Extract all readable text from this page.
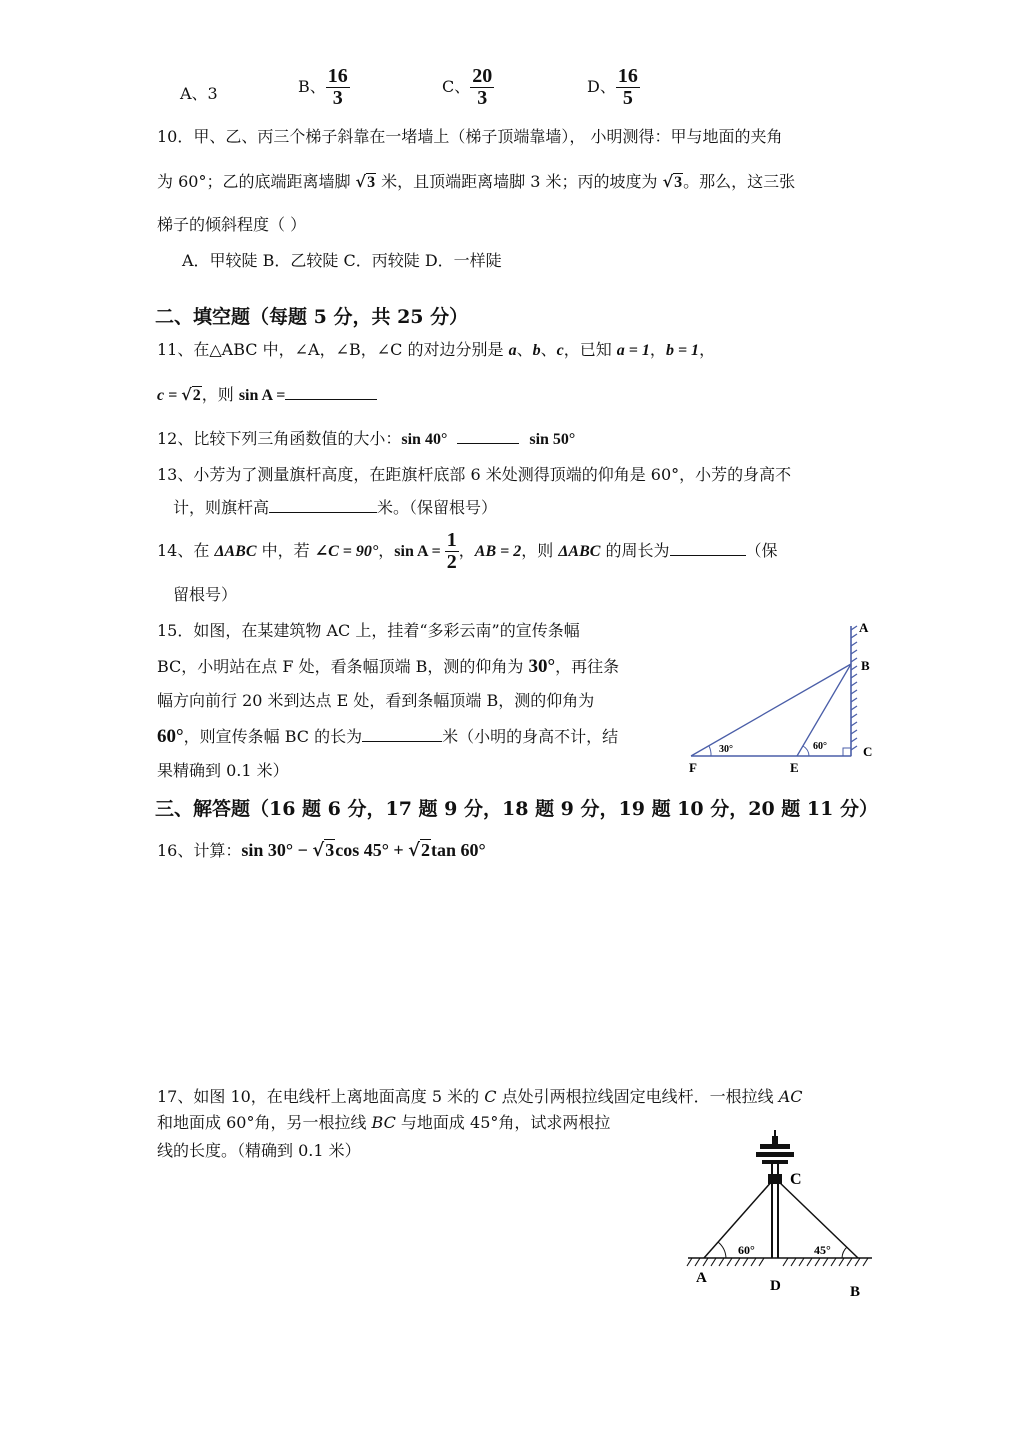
A、3	B、 $\frac{16}{3}$	C、 $\frac{20}{3}$	D、 $\frac{16}{5}$
10．甲、乙、丙三个梯子斜靠在一堵墙上（梯子顶端靠墙）， 小明测得：甲与地面的夹角
为 60°；乙的底端距离墙脚 √3 米，且顶端距离墙脚 3 米；丙的坡度为 √3。那么，这三张
梯子的倾斜程度（ ）
A．甲较陡 B．乙较陡 C．丙较陡 D．一样陡
二、填空题（每题 5 分，共 25 分）
11、在△ABC 中，∠A，∠B，∠C 的对边分别是 a、b、c，已知 a = 1，b = 1，
c = √2，则 sin A =
12、比较下列三角函数值的大小：sin 40°	sin 50°
13、小芳为了测量旗杆高度，在距旗杆底部 6 米处测得顶端的仰角是 60°，小芳的身高不
计，则旗杆高	米。（保留根号）
14、在 ΔABC 中，若 ∠C = 90°，$\sin A = \frac{1}{2}$ ，AB = 2，则 ΔABC 的周长为	（保
留根号）
15．如图，在某建筑物 AC 上，挂着“多彩云南”的宣传条幅
BC，小明站在点 F 处，看条幅顶端 B，测的仰角为 30°，再往条
幅方向前行 20 米到达点 E 处，看到条幅顶端 B，测的仰角为
60°，则宣传条幅 BC 的长为	米（小明的身高不计，结
果精确到 0.1 米）
30°	60°
A
B
C
F	E
三、解答题（16 题 6 分，17 题 9 分，18 题 9 分，19 题 10 分，20 题 11 分）
16、计算：sin 30° − √3cos 45° + √2tan 60°
17、如图 10，在电线杆上离地面高度 5 米的 C 点处引两根拉线固定电线杆．一根拉线 AC
和地面成 60°角，另一根拉线 BC 与地面成 45°角，试求两根拉
线的长度。（精确到 0.1 米）
C
60°	45°
A	D	B
